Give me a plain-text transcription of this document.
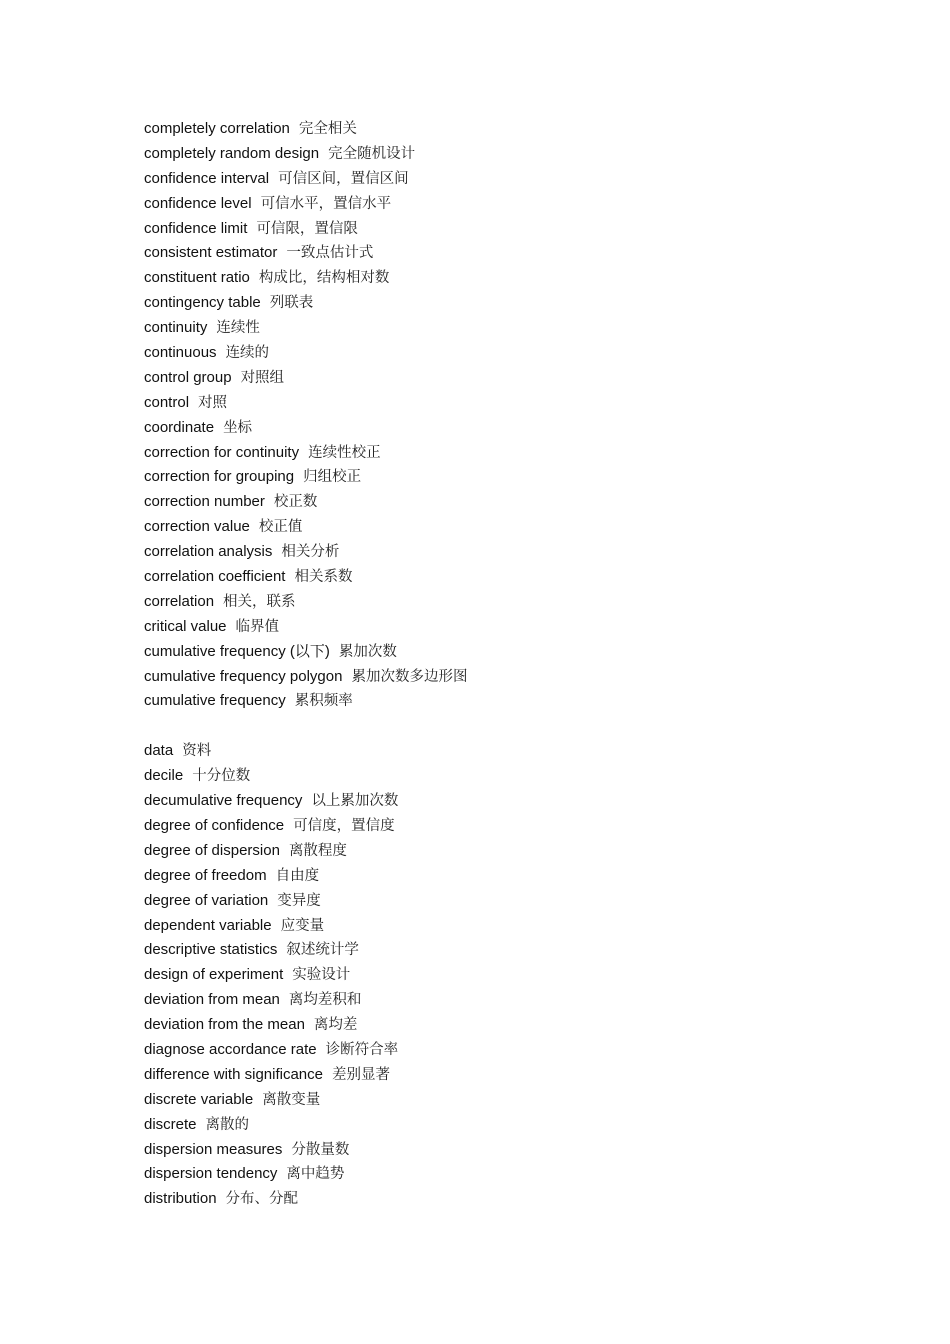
completely correlation 完全相关
completely random design 完全随机设计
confidence interval 可信区间，置信区间
confidence level 可信水平，置信水平
confidence limit 可信限，置信限
consistent estimator 一致点估计式
constituent ratio 构成比，结构相对数
contingency table 列联表
continuity 连续性
continuous 连续的
control group 对照组
control 对照
coordinate 坐标
correction for continuity 连续性校正
correction for grouping 归组校正
correction number 校正数
correction value 校正值
correlation analysis 相关分析
correlation coefficient 相关系数
correlation 相关，联系
critical value 临界值
cumulative frequency (以下) 累加次数
cumulative frequency polygon 累加次数多边形图
cumulative frequency 累积频率
data 资料
decile 十分位数
decumulative frequency 以上累加次数
degree of confidence 可信度，置信度
degree of dispersion 离散程度
degree of freedom 自由度
degree of variation 变异度
dependent variable 应变量
descriptive statistics 叙述统计学
design of experiment 实验设计
deviation from mean 离均差积和
deviation from the mean 离均差
diagnose accordance rate 诊断符合率
difference with significance 差别显著
discrete variable 离散变量
discrete 离散的
dispersion measures 分散量数
dispersion tendency 离中趋势
distribution 分布、分配
